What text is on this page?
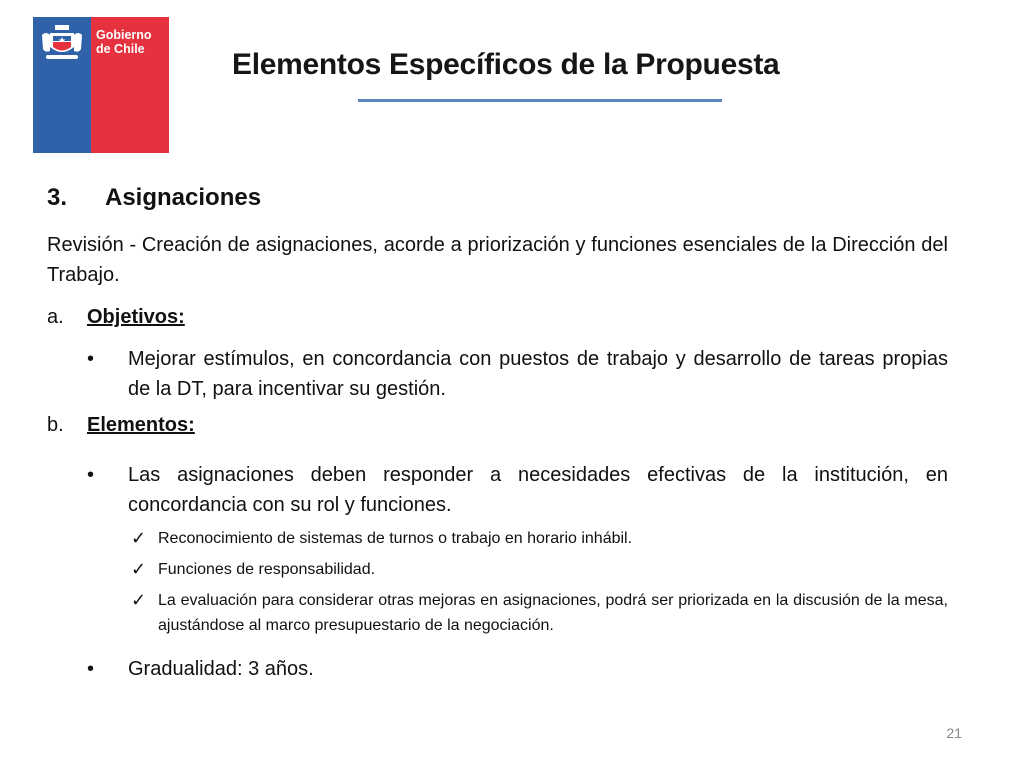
Gobierno
de Chile	Elementos Específicos de la Propuesta
3.	Asignaciones
Revisión - Creación de asignaciones, acorde a priorización y funciones esenciales de la Dirección del Trabajo.
a.	Objetivos:
•	Mejorar estímulos, en concordancia con puestos de trabajo y desarrollo de tareas propias de la DT, para incentivar su gestión.
b.	Elementos:
•	Las asignaciones deben responder a necesidades efectivas de la institución, en concordancia con su rol y funciones.
✓ Reconocimiento de sistemas de turnos o trabajo en horario inhábil.
✓ Funciones de responsabilidad.
✓ La evaluación para considerar otras mejoras en asignaciones, podrá ser priorizada en la discusión de la mesa, ajustándose al marco presupuestario de la negociación.
•	Gradualidad: 3 años.
21
